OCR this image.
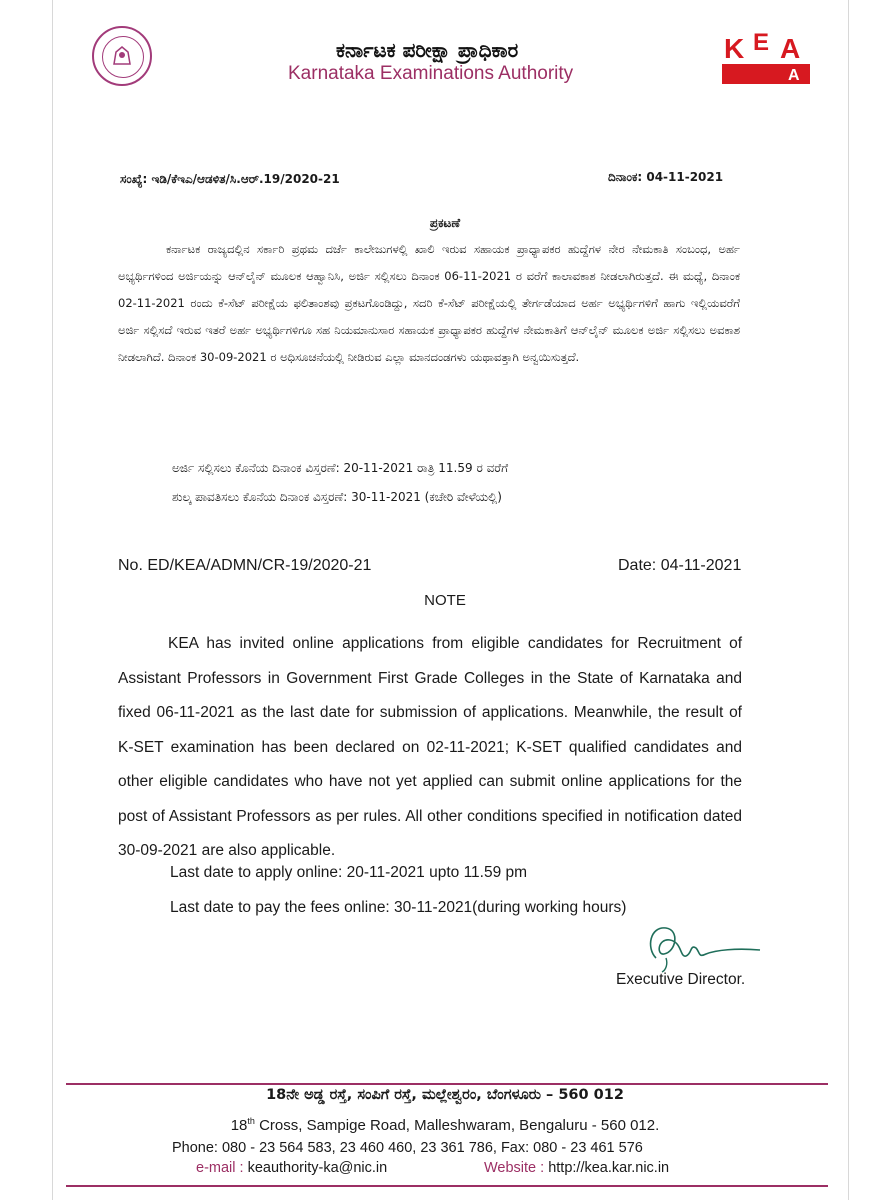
ಕರ್ನಾಟಕ ಪರೀಕ್ಷಾ ಪ್ರಾಧಿಕಾರ
Karnataka Examinations Authority
K E A
A
ಸಂಖ್ಯೆ: ಇಡಿ/ಕೆಇಎ/ಆಡಳಿತ/ಸಿ.ಆರ್.19/2020-21	ದಿನಾಂಕ: 04-11-2021
ಪ್ರಕಟಣೆ
ಕರ್ನಾಟಕ ರಾಜ್ಯದಲ್ಲಿನ ಸರ್ಕಾರಿ ಪ್ರಥಮ ದರ್ಜೆ ಕಾಲೇಜುಗಳಲ್ಲಿ ಖಾಲಿ ಇರುವ ಸಹಾಯಕ ಪ್ರಾಧ್ಯಾಪಕರ ಹುದ್ದೆಗಳ ನೇರ ನೇಮಕಾತಿ ಸಂಬಂಧ, ಅರ್ಹ ಅಭ್ಯರ್ಥಿಗಳಿಂದ ಅರ್ಜಿಯನ್ನು ಆನ್‌ಲೈನ್ ಮೂಲಕ ಆಹ್ವಾನಿಸಿ, ಅರ್ಜಿ ಸಲ್ಲಿಸಲು ದಿನಾಂಕ 06-11-2021 ರ ವರೆಗೆ ಕಾಲಾವಕಾಶ ನೀಡಲಾಗಿರುತ್ತದೆ. ಈ ಮಧ್ಯೆ, ದಿನಾಂಕ 02-11-2021 ರಂದು ಕೆ-ಸೆಟ್ ಪರೀಕ್ಷೆಯ ಫಲಿತಾಂಶವು ಪ್ರಕಟಗೊಂಡಿದ್ದು, ಸದರಿ ಕೆ-ಸೆಟ್ ಪರೀಕ್ಷೆಯಲ್ಲಿ ತೇರ್ಗಡೆಯಾದ ಅರ್ಹ ಅಭ್ಯರ್ಥಿಗಳಿಗೆ ಹಾಗು ಇಲ್ಲಿಯವರೆಗೆ ಅರ್ಜಿ ಸಲ್ಲಿಸದೆ ಇರುವ ಇತರೆ ಅರ್ಹ ಅಭ್ಯರ್ಥಿಗಳಿಗೂ ಸಹ ನಿಯಮಾನುಸಾರ ಸಹಾಯಕ ಪ್ರಾಧ್ಯಾಪಕರ ಹುದ್ದೆಗಳ ನೇಮಕಾತಿಗೆ ಆನ್‌ಲೈನ್ ಮೂಲಕ ಅರ್ಜಿ ಸಲ್ಲಿಸಲು ಅವಕಾಶ ನೀಡಲಾಗಿದೆ. ದಿನಾಂಕ 30-09-2021 ರ ಅಧಿಸೂಚನೆಯಲ್ಲಿ ನೀಡಿರುವ ಎಲ್ಲಾ ಮಾನದಂಡಗಳು ಯಥಾವತ್ತಾಗಿ ಅನ್ವಯಿಸುತ್ತದೆ.
ಅರ್ಜಿ ಸಲ್ಲಿಸಲು ಕೊನೆಯ ದಿನಾಂಕ ವಿಸ್ತರಣೆ: 20-11-2021 ರಾತ್ರಿ 11.59 ರ ವರೆಗೆ
ಶುಲ್ಕ ಪಾವತಿಸಲು ಕೊನೆಯ ದಿನಾಂಕ ವಿಸ್ತರಣೆ: 30-11-2021 (ಕಚೇರಿ ವೇಳೆಯಲ್ಲಿ)
No. ED/KEA/ADMN/CR-19/2020-21	Date: 04-11-2021
NOTE
KEA has invited online applications from eligible candidates for Recruitment of Assistant Professors in Government First Grade Colleges in the State of Karnataka and fixed 06-11-2021 as the last date for submission of applications. Meanwhile, the result of K-SET examination has been declared on 02-11-2021; K-SET qualified candidates and other eligible candidates who have not yet applied can submit online applications for the post of Assistant Professors as per rules. All other conditions specified in notification dated 30-09-2021 are also applicable.
Last date to apply online: 20-11-2021 upto 11.59 pm
Last date to pay the fees online: 30-11-2021(during working hours)
Executive Director.
18ನೇ ಅಡ್ಡ ರಸ್ತೆ, ಸಂಪಿಗೆ ರಸ್ತೆ, ಮಲ್ಲೇಶ್ವರಂ, ಬೆಂಗಳೂರು – 560 012
18th Cross, Sampige Road, Malleshwaram, Bengaluru - 560 012.
Phone: 080 - 23 564 583, 23 460 460, 23 361 786, Fax: 080 - 23 461 576
e-mail : keauthority-ka@nic.in	Website : http://kea.kar.nic.in
